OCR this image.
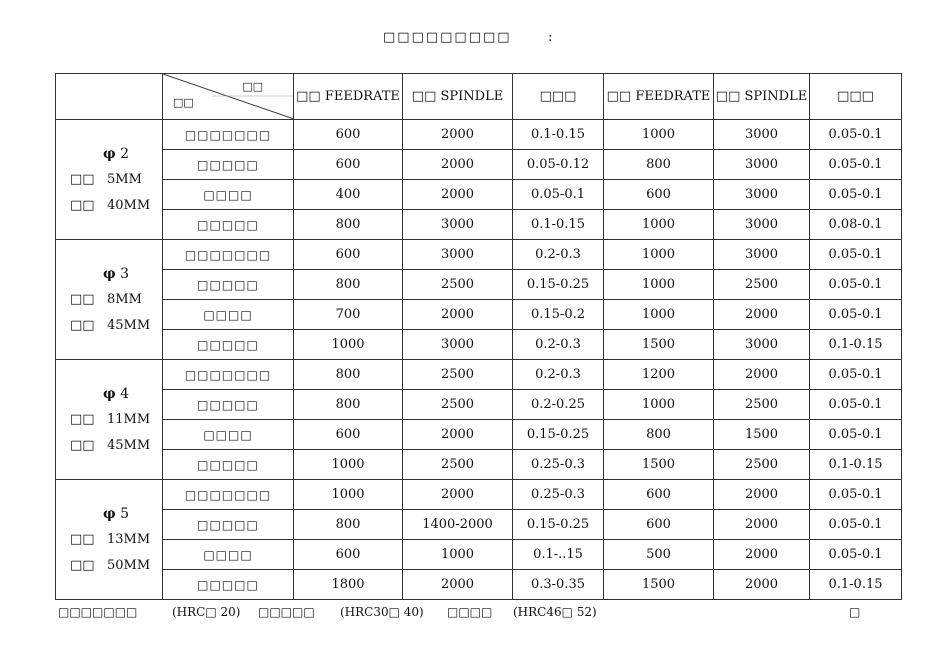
□□□□□□□□□	:

	□□
□□	□□ FEEDRATE	□□ SPINDLE	□□□	□□ FEEDRATE	□□ SPINDLE	□□□

φ 2
□□ 5MM
□□ 40MM	□□□□□□□	600	2000	0.1-0.15	1000	3000	0.05-0.1
	□□□□□	600	2000	0.05-0.12	800	3000	0.05-0.1
	□□□□	400	2000	0.05-0.1	600	3000	0.05-0.1
	□□□□□	800	3000	0.1-0.15	1000	3000	0.08-0.1

φ 3
□□ 8MM
□□ 45MM	□□□□□□□	600	3000	0.2-0.3	1000	3000	0.05-0.1
	□□□□□	800	2500	0.15-0.25	1000	2500	0.05-0.1
	□□□□	700	2000	0.15-0.2	1000	2000	0.05-0.1
	□□□□□	1000	3000	0.2-0.3	1500	3000	0.1-0.15

φ 4
□□ 11MM
□□ 45MM	□□□□□□□	800	2500	0.2-0.3	1200	2000	0.05-0.1
	□□□□□	800	2500	0.2-0.25	1000	2500	0.05-0.1
	□□□□	600	2000	0.15-0.25	800	1500	0.05-0.1
	□□□□□	1000	2500	0.25-0.3	1500	2500	0.1-0.15

φ 5
□□ 13MM
□□ 50MM	□□□□□□□	1000	2000	0.25-0.3	600	2000	0.05-0.1
	□□□□□	800	1400-2000	0.15-0.25	600	2000	0.05-0.1
	□□□□	600	1000	0.1-..15	500	2000	0.05-0.1
	□□□□□	1800	2000	0.3-0.35	1500	2000	0.1-0.15
□□□□□□□	(HRC□ 20) □□□□□ (HRC30□ 40) □□□□ (HRC46□ 52)	□
